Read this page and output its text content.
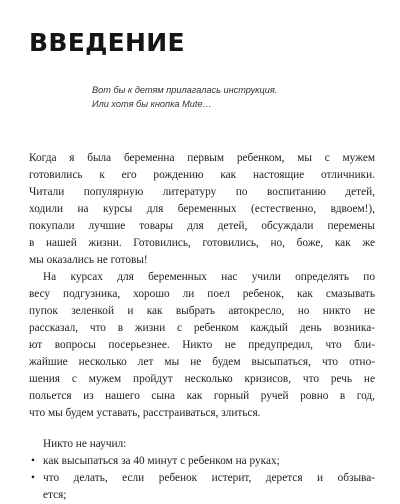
ВВЕДЕНИЕ
Вот бы к детям прилагалась инструкция.
Или хотя бы кнопка Mute…
Когда я была беременна первым ребенком, мы с мужем
готовились к его рождению как настоящие отличники.
Читали популярную литературу по воспитанию детей,
ходили на курсы для беременных (естественно, вдвоем!),
покупали лучшие товары для детей, обсуждали перемены
в нашей жизни. Готовились, готовились, но, боже, как же
мы оказались не готовы!
На курсах для беременных нас учили определять по
весу подгузника, хорошо ли поел ребенок, как смазывать
пупок зеленкой и как выбрать автокресло, но никто не
рассказал, что в жизни с ребенком каждый день возника-
ют вопросы посерьезнее. Никто не предупредил, что бли-
жайшие несколько лет мы не будем высыпаться, что отно-
шения с мужем пройдут несколько кризисов, что речь не
польется из нашего сына как горный ручей ровно в год,
что мы будем уставать, расстраиваться, злиться.
Никто не научил:
• как высыпаться за 40 минут с ребенком на руках;
• что делать, если ребенок истерит, дерется и обзыва-
ется;
